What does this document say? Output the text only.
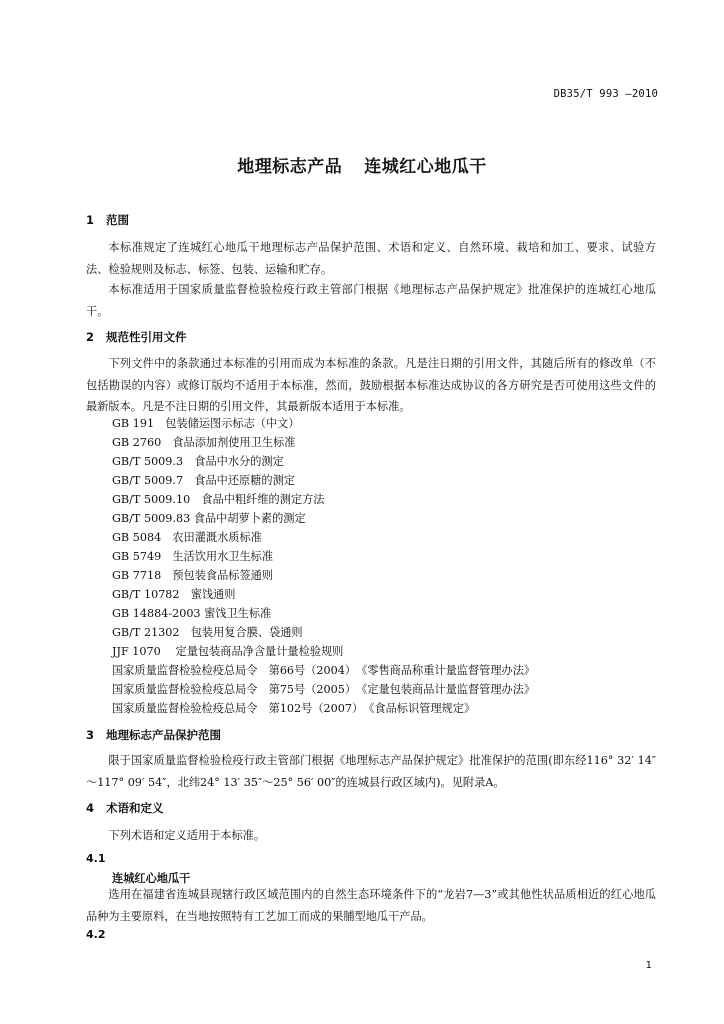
DB35/T 993 —2010
地理标志产品 连城红心地瓜干
1 范围
本标准规定了连城红心地瓜干地理标志产品保护范围、术语和定义、自然环境、栽培和加工、要求、试验方法、检验规则及标志、标签、包装、运输和贮存。
本标准适用于国家质量监督检验检疫行政主管部门根据《地理标志产品保护规定》批准保护的连城红心地瓜干。
2 规范性引用文件
下列文件中的条款通过本标准的引用而成为本标准的条款。凡是注日期的引用文件，其随后所有的修改单（不包括勘误的内容）或修订版均不适用于本标准，然而，鼓励根据本标准达成协议的各方研究是否可使用这些文件的最新版本。凡是不注日期的引用文件，其最新版本适用于本标准。
GB 191　包装储运图示标志（中文）
GB 2760　食品添加剂使用卫生标准
GB/T 5009.3　食品中水分的测定
GB/T 5009.7　食品中还原糖的测定
GB/T 5009.10　食品中粗纤维的测定方法
GB/T 5009.83 食品中胡萝卜素的测定
GB 5084　农田灌溉水质标准
GB 5749　生活饮用水卫生标准
GB 7718　预包装食品标签通则
GB/T 10782　蜜饯通则
GB 14884-2003 蜜饯卫生标准
GB/T 21302　包装用复合膜、袋通则
JJF 1070　 定量包装商品净含量计量检验规则
国家质量监督检验检疫总局令　第66号（2004）　《零售商品称重计量监督管理办法》
国家质量监督检验检疫总局令　第75号（2005）　《定量包装商品计量监督管理办法》
国家质量监督检验检疫总局令　第102号（2007）　《食品标识管理规定》
3 地理标志产品保护范围
限于国家质量监督检验检疫行政主管部门根据《地理标志产品保护规定》批准保护的范围(即东经116° 32′ 14″～117° 09′ 54″，北纬24° 13′ 35″～25° 56′ 00″的连城县行政区域内)。见附录A。
4 术语和定义
下列术语和定义适用于本标准。
4.1
连城红心地瓜干
选用在福建省连城县现辖行政区域范围内的自然生态环境条件下的“龙岩7—3”或其他性状品质相近的红心地瓜品种为主要原料，在当地按照特有工艺加工而成的果脯型地瓜干产品。
4.2
1
